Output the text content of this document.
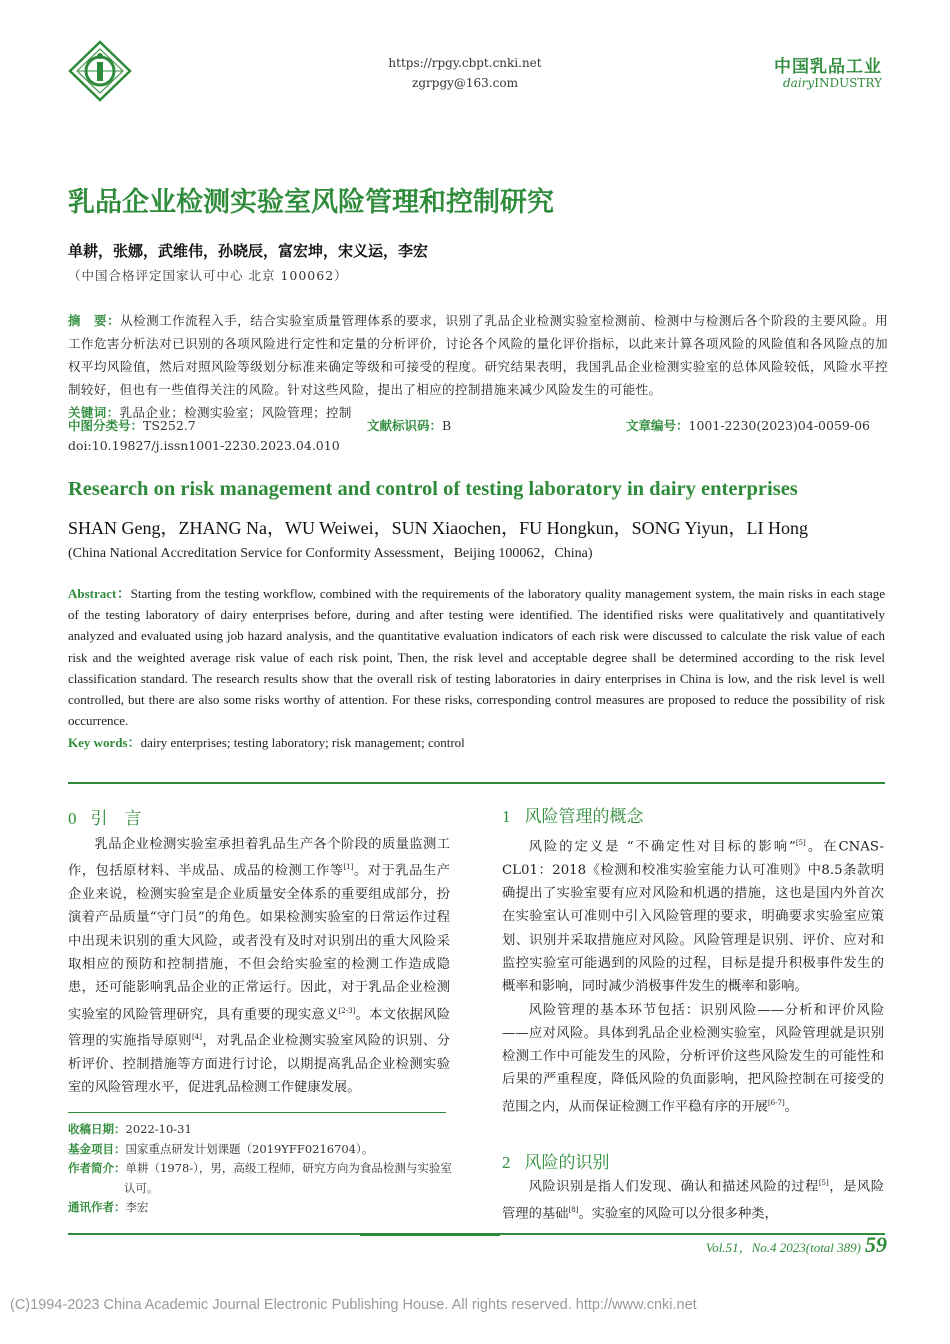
https://rpgy.cbpt.cnki.net
zgrpgy@163.com
中国乳品工业
dairyINDUSTRY
乳品企业检测实验室风险管理和控制研究
单耕，张娜，武维伟，孙晓辰，富宏坤，宋义运，李宏
（中国合格评定国家认可中心 北京 100062）
摘　要：从检测工作流程入手，结合实验室质量管理体系的要求，识别了乳品企业检测实验室检测前、检测中与检测后各个阶段的主要风险。用工作危害分析法对已识别的各项风险进行定性和定量的分析评价，讨论各个风险的量化评价指标，以此来计算各项风险的风险值和各风险点的加权平均风险值，然后对照风险等级划分标准来确定等级和可接受的程度。研究结果表明，我国乳品企业检测实验室的总体风险较低，风险水平控制较好，但也有一些值得关注的风险。针对这些风险，提出了相应的控制措施来减少风险发生的可能性。
关键词：乳品企业；检测实验室；风险管理；控制
中图分类号：TS252.7	文献标识码：B	文章编号：1001-2230(2023)04-0059-06
doi:10.19827/j.issn1001-2230.2023.04.010
Research on risk management and control of testing laboratory in dairy enterprises
SHAN Geng，ZHANG Na，WU Weiwei，SUN Xiaochen，FU Hongkun，SONG Yiyun，LI Hong
(China National Accreditation Service for Conformity Assessment，Beijing 100062，China)
Abstract：Starting from the testing workflow, combined with the requirements of the laboratory quality management system, the main risks in each stage of the testing laboratory of dairy enterprises before, during and after testing were identified. The identified risks were qualitatively and quantitatively analyzed and evaluated using job hazard analysis, and the quantitative evaluation indicators of each risk were discussed to calculate the risk value of each risk and the weighted average risk value of each risk point, Then, the risk level and acceptable degree shall be determined according to the risk level classification standard. The research results show that the overall risk of testing laboratories in dairy enterprises in China is low, and the risk level is well controlled, but there are also some risks worthy of attention. For these risks, corresponding control measures are proposed to reduce the possibility of risk occurrence.
Key words：dairy enterprises; testing laboratory; risk management; control
0 引　言

乳品企业检测实验室承担着乳品生产各个阶段的质量监测工作，包括原材料、半成品、成品的检测工作等[1]。对于乳品生产企业来说，检测实验室是企业质量安全体系的重要组成部分，扮演着产品质量“守门员”的角色。如果检测实验室的日常运作过程中出现未识别的重大风险，或者没有及时对识别出的重大风险采取相应的预防和控制措施，不但会给实验室的检测工作造成隐患，还可能影响乳品企业的正常运行。因此，对于乳品企业检测实验室的风险管理研究，具有重要的现实意义[2-3]。本文依据风险管理的实施指导原则[4]，对乳品企业检测实验室风险的识别、分析评价、控制措施等方面进行讨论，以期提高乳品企业检测实验室的风险管理水平，促进乳品检测工作健康发展。

收稿日期：2022-10-31
基金项目：国家重点研发计划课题（2019YFF0216704）。
作者简介：单耕（1978-），男，高级工程师，研究方向为食品检测与实验室认可。
通讯作者：李宏
1 风险管理的概念

风险的定义是 “不确定性对目标的影响”[5]。在CNAS-CL01：2018《检测和校准实验室能力认可准则》中8.5条款明确提出了实验室要有应对风险和机遇的措施，这也是国内外首次在实验室认可准则中引入风险管理的要求，明确要求实验室应策划、识别并采取措施应对风险。风险管理是识别、评价、应对和监控实验室可能遇到的风险的过程，目标是提升积极事件发生的概率和影响，同时减少消极事件发生的概率和影响。

风险管理的基本环节包括：识别风险——分析和评价风险——应对风险。具体到乳品企业检测实验室，风险管理就是识别检测工作中可能发生的风险，分析评价这些风险发生的可能性和后果的严重程度，降低风险的负面影响，把风险控制在可接受的范围之内，从而保证检测工作平稳有序的开展[6-7]。

2 风险的识别

风险识别是指人们发现、确认和描述风险的过程[5]，是风险管理的基础[8]。实验室的风险可以分很多种类，

Vol.51，No.4 2023(total 389) 59
(C)1994-2023 China Academic Journal Electronic Publishing House. All rights reserved. http://www.cnki.net
